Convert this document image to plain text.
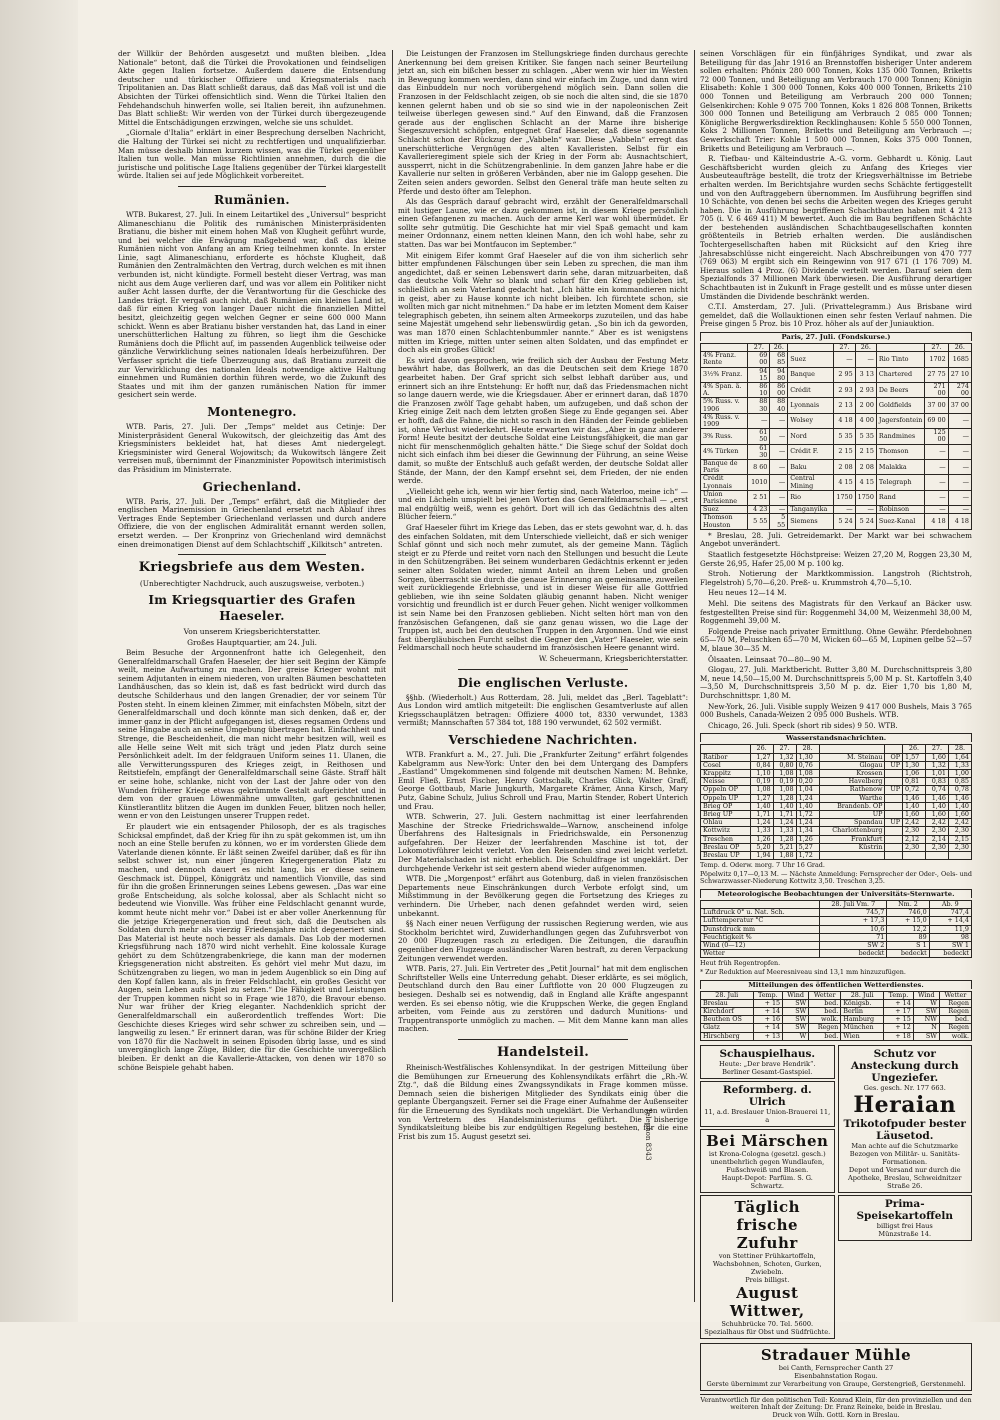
der Willkür der Behörden ausgesetzt und mußten bleiben. „Idea Nationale“ betont, daß die Türkei die Provokationen und feindseligen Akte gegen Italien fortsetze. Außerdem dauere die Entsendung deutscher und türkischer Offiziere und Kriegsmaterials nach Tripolitanien an. Das Blatt schließt daraus, daß das Maß voll ist und die Absichten der Türkei offensichtlich sind. Wenn die Türkei Italien den Fehdehandschuh hinwerfen wolle, sei Italien bereit, ihn aufzunehmen. Das Blatt schließt: Wir werden von der Türkei durch übergezeugende Mittel die Entschädigungen erzwingen, welche sie uns schuldet.

„Giornale d'Italia“ erklärt in einer Besprechung derselben Nachricht, die Haltung der Türkei sei nicht zu rechtfertigen und unqualifizierbar. Man müsse deshalb binnen kurzem wissen, was die Türkei gegenüber Italien tun wolle. Man müsse Richtlinien annehmen, durch die die juristische und politische Lage Italiens gegenüber der Türkei klargestellt würde. Italien sei auf jede Möglichkeit vorbereitet.

Rumänien.

WTB. Bukarest, 27. Juli. In einem Leitartikel des „Universul“ bespricht Alimaneschianu die Politik des rumänischen Ministerpräsidenten Bratianu, die bisher mit einem hohen Maß von Klugheit geführt wurde, und bei welcher die Erwägung maßgebend war, daß das kleine Rumänien nicht von Anfang an am Krieg teilnehmen konnte. In erster Linie, sagt Alimaneschianu, erforderte es höchste Klugheit, daß Rumänien den Zentralmächten den Vertrag, durch welchen es mit ihnen verbunden ist, nicht kündigte. Formell besteht dieser Vertrag, was man nicht aus dem Auge verlieren darf, und was vor allem ein Politiker nicht außer Acht lassen durfte, der die Verantwortung für die Geschicke des Landes trägt. Er vergaß auch nicht, daß Rumänien ein kleines Land ist, daß für einen Krieg von langer Dauer nicht die finanziellen Mittel besitzt, gleichzeitig gegen welchen Gegner er seine 600 000 Mann schickt. Wenn es aber Bratianu bisher verstanden hat, das Land in einer unerschütterlichen Haltung zu führen, so liegt ihm die Geschicke Rumäniens doch die Pflicht auf, im passenden Augenblick teilweise oder gänzliche Verwirklichung seines nationalen Ideals herbeizuführen. Der Verfasser spricht die tiefe Überzeugung aus, daß Bratianu zurzeit die zur Verwirklichung des nationalen Ideals notwendige aktive Haltung einnehmen und Rumänien dorthin führen werde, wo die Zukunft des Staates und mit ihm der ganzen rumänischen Nation für immer gesichert sein werde.

Montenegro.

WTB. Paris, 27. Juli. Der „Temps“ meldet aus Cetinje: Der Ministerpräsident General Wukowitsch, der gleichzeitig das Amt des Kriegsministers bekleidet hat, hat dieses Amt niedergelegt. Kriegsminister wird General Wojowitsch; da Wukowitsch längere Zeit verreisen muß, übernimmt der Finanzminister Popowitsch interimistisch das Präsidium im Ministerrate.

Griechenland.

WTB. Paris, 27. Juli. Der „Temps“ erfährt, daß die Mitglieder der englischen Marinemission in Griechenland ersetzt nach Ablauf ihres Vertrages Ende September Griechenland verlassen und durch andere Offiziere, die von der englischen Admiralität ernannt werden sollen, ersetzt werden. — Der Kronprinz von Griechenland wird demnächst einen dreimonatigen Dienst auf dem Schlachtschiff „Kilkitsch“ antreten.

Kriegsbriefe aus dem Westen.
(Unberechtigter Nachdruck, auch auszugsweise, verboten.)
Im Kriegsquartier des Grafen Haeseler.
Von unserem Kriegsberichterstatter.
Großes Hauptquartier, am 24. Juli.

Beim Besuche der Argonnenfront hatte ich Gelegenheit, den Generalfeldmarschall Grafen Haeseler, der hier seit Beginn der Kämpfe weilt, meine Aufwartung zu machen. Der greise Krieger wohnt mit seinem Adjutanten in einem niederen, von uralten Bäumen beschatteten Landhäuschen, das so klein ist, daß es fast bedrückt wird durch das deutsche Schilderhaus und den langen Grenadier, der vor seinem Tür Posten steht. In einem kleinen Zimmer, mit einfachsten Möbeln, sitzt der Generalfeldmarschall und doch könnte man sich denken, daß er, der immer ganz in der Pflicht aufgegangen ist, dieses regsamen Ordens und seine Hingabe auch an seine Umgebung übertragen hat. Einfachheit und Strenge, die Bescheidenheit, die man nicht mehr besitzen will, weil es alle Helle seine Welt mit sich trägt und jeden Platz durch seine Persönlichkeit adelt. Im der feldgrauen Uniform seines 11. Ulanen, die alle Verwitterungsspuren des Krieges zeigt, in Reithosen und Reitstiefeln, empfängt der Generalfeldmarschall seine Gäste. Straff hält er seine hohe, schlanke, nicht von der Last der Jahre oder von den Wunden früherer Kriege etwas gekrümmte Gestalt aufgerichtet und in dem von der grauen Löwenmähne umwallten, gart geschnittenen Künstlerantlitz blitzen die Augen im dunklen Feuer, blitzen noch heller, wenn er von den Leistungen unserer Truppen redet.

Er plaudert wie ein entsagender Philosoph, der es als tragisches Schicksal empfindet, daß der Krieg für ihn zu spät gekommen ist, um ihn noch an eine Stelle berufen zu können, wo er im vordersten Gliede dem Vaterlande dienen könnte. Er läßt seinen Zweifel darüber, daß es für ihn selbst schwer ist, nun einer jüngeren Kriegergeneration Platz zu machen, und dennoch dauert es nicht lang, bis er diese seinem Geschmack ist. Düppel, Königgrätz und namentlich Vionville, das sind für ihn die großen Erinnerungen seines Lebens gewesen. „Das war eine große Entscheidung, als solche kolossal, aber als Schlacht nicht so bedeutend wie Vionville. Was früher eine Feldschlacht genannt wurde, kommt heute nicht mehr vor.“ Dabei ist er aber voller Anerkennung für die jetzige Kriegergeneration und freut sich, daß die Deutschen als Soldaten durch mehr als vierzig Friedensjahre nicht degeneriert sind. Das Material ist heute noch besser als damals. Das Lob der modernen Kriegsführung nach 1870 wird nicht verhehlt. Eine kolossale Kurage gehört zu dem Schützengrabenkriege, die kann man der modernen Kriegsgeneration nicht abstreiten. Es gehört viel mehr Mut dazu, im Schützengraben zu liegen, wo man in jedem Augenblick so ein Ding auf den Kopf fallen kann, als in freier Feldschlacht, ein großes Gesicht vor Augen, sein Leben aufs Spiel zu setzen.“ Die Fähigkeit und Leistungen der Truppen kommen nicht so in Frage wie 1870, die Bravour ebenso. Nur war früher der Krieg eleganter. Nachdenklich spricht der Generalfeldmarschall ein außerordentlich treffendes Wort: Die Geschichte dieses Krieges wird sehr schwer zu schreiben sein, und — langweilig zu lesen.“ Er erinnert daran, was für schöne Bilder der Krieg von 1870 für die Nachwelt in seinen Episoden übrig lasse, und es sind unvergänglich lange Züge, Bilder, die für die Geschichte unvergeßlich bleiben. Er denkt an die Kavallerie-Attacken, von denen wir 1870 so schöne Beispiele gehabt haben.

Die Leistungen der Franzosen im Stellungskriege finden durchaus gerechte Anerkennung bei dem greisen Kritiker. Sie fangen nach seiner Beurteilung jetzt an, sich ein bißchen besser zu schlagen. „Aber wenn wir hier im Westen in Bewegung kommen werden, dann sind wir einfach im Zuge, und dann wird das Einbuddeln nur noch vorübergehend möglich sein. Dann sollen die Franzosen in der Feldschlacht zeigen, ob sie noch die alten sind, die sie 1870 kennen gelernt haben und ob sie so sind wie in der napoleonischen Zeit teilweise überlegen gewesen sind.“ Auf den Einwand, daß die Franzosen gerade aus der englischen Schlacht an der Marne ihre bisherige Siegeszuversicht schöpfen, entgegnet Graf Haeseler, daß diese sogenannte Schlacht schon der Rückzug der „Vabbeln“ war. Diese „Vabbeln“ erregt das unerschütterliche Vergnügen des alten Kavalleristen. Selbst für ein Kavallerieregiment spiele sich der Krieg in der Form ab: Ausnachtschiert, aussperrt, nicht in die Schützengrabenlinie. In dem ganzen Jahre habe er die Kavallerie nur selten in größeren Verbänden, aber nie im Galopp gesehen. Die Zeiten seien anders geworden. Selbst den General träfe man heute selten zu Pferde und desto öfter am Telephon.

Als das Gespräch darauf gebracht wird, erzählt der Generalfeldmarschall mit lustiger Laune, wie er dazu gekommen ist, in diesem Kriege persönlich einen Gefangenen zu machen. Auch der arme Kerl war wohl übermüdet. Er sollte sehr gutmütig. Die Geschichte hat mir viel Spaß gemacht und kam meiner Ordonnanz, einem netten kleinen Mann, den ich wohl habe, sehr zu statten. Das war bei Montfaucon im September.“

Mit einigem Eifer kommt Graf Haeseler auf die von ihm sicherlich sehr bitter empfundenen Fälschungen über sein Leben zu sprechen, die man ihm angedichtet, daß er seinen Lebenswert darin sehe, daran mitzuarbeiten, daß das deutsche Volk Wehr so blank und scharf für den Krieg geblieben ist, schließlich an sein Vaterland gedacht hat. „Ich hätte ein kommandieren nicht in geist, aber zu Hause konnte ich nicht bleiben. Ich fürchtete schon, sie wollten mich gar nicht mitnehmen.“ Da habe er im letzten Moment dem Kaiser telegraphisch gebeten, ihn seinem alten Armeekorps zuzuteilen, und das habe seine Majestät umgehend sehr liebenswürdig getan. „So bin ich da geworden, was man 1870 einen Schlachtenbummler nannte.“ Aber es ist wenigstens mitten im Kriege, mitten unter seinen alten Soldaten, und das empfindet er doch als ein großes Glück!

Es wird davon gesprochen, wie freilich sich der Ausbau der Festung Metz bewährt habe, das Bollwerk, an das die Deutschen seit dem Kriege 1870 gearbeitet haben. Der Graf spricht sich selbst lebhaft darüber aus, und erinnert sich an ihre Entstehung: Er hofft nur, daß das Friedensmachen nicht so lange dauern werde, wie die Kriegsdauer. Aber er erinnert daran, daß 1870 die Franzosen zwölf Tage gehabt haben, um aufzugeben, und daß schon der Krieg einige Zeit nach dem letzten großen Siege zu Ende gegangen sei. Aber er hofft, daß die Fahne, die nicht so rasch in den Händen der Feinde geblieben ist, ohne Verlust wiederkehrt. Heute erwarten wir das. „Aber in ganz anderer Form! Heute besitzt der deutsche Soldat eine Leistungsfähigkeit, die man gar nicht für menschenmöglich gehalten hätte.“ Die Siege schuf der Soldat doch nicht sich einfach ihm bei dieser die Gewinnung der Führung, an seine Weise damit, so mußte der Entschluß auch gefaßt werden, der deutsche Soldat aller Stände, der Mann, der den Kampf ersehnt sei, dem Frieden, der nie enden werde.

„Vielleicht gehe ich, wenn wir hier fertig sind, nach Waterloo, meine ich“ — und ein Lächeln umspielt bei jenen Worten das Generalfeldmarschall — „erst mal endgültig weiß, wenn es gehört. Dort will ich das Gedächtnis des alten Blücher feiern.“

Graf Haeseler führt im Kriege das Leben, das er stets gewohnt war, d. h. das des einfachen Soldaten, mit dem Unterschiede vielleicht, daß er sich weniger Schlaf gönnt und sich noch mehr zumutet, als der gemeine Mann. Täglich steigt er zu Pferde und reitet vorn nach den Stellungen und besucht die Leute in den Schützengräben. Bei seinem wunderbaren Gedächtnis erkennt er jeden seiner alten Soldaten wieder, nimmt Anteil an ihrem Leben und großen Sorgen, überrascht sie durch die genaue Erinnerung an gemeinsame, zuweilen weit zurückliegende Erlebnisse, und ist in dieser Weise für alle Gottfried geblieben, wie ihn seine Soldaten gläubig genannt haben. Nicht weniger vorsichtig und freundlich ist er durch Feuer gehen. Nicht weniger vollkommen ist sein Name bei den Franzosen geblieben. Nicht selten hört man von den französischen Gefangenen, daß sie ganz genau wissen, wo die Lage der Truppen ist, auch bei den deutschen Truppen in den Argonnen. Und wie einst fast übergläubischen Furcht selbst die Gegner den „Vater“ Haeseler, wie sein Feldmarschall noch heute schaudernd im französischen Heere genannt wird.

W. Scheuermann, Kriegsberichterstatter.

Die englischen Verluste.

§§hb. (Wiederholt.) Aus Rotterdam, 28. Juli, meldet das „Berl. Tageblatt“: Aus London wird amtlich mitgeteilt: Die englischen Gesamtverluste auf allen Kriegsschauplätzen betragen: Offiziere 4000 tot, 8330 verwundet, 1383 vermißt; Mannschaften 57 384 tot, 188 190 verwundet, 62 502 vermißt.

Verschiedene Nachrichten.

WTB. Frankfurt a. M., 27. Juli. Die „Frankfurter Zeitung“ erfährt folgendes Kabelgramm aus New-York: Unter den bei dem Untergang des Dampfers „Eastland“ Umgekommenen sind folgende mit deutschen Namen: M. Behnke, Emil Fließ, Ernst Fischer, Henry Gottschalk, Charles Glick, Walter Graff, George Gottbaub, Marie Jungkurth, Margarete Krämer, Anna Kirsch, Mary Putz, Gabine Schulz, Julius Schroll und Frau, Martin Stender, Robert Unterich und Frau.

WTB. Schwerin, 27. Juli. Gestern nachmittag ist einer leerfahrenden Maschine der Strecke Friedrichswalde—Warnow, anscheinend infolge Überfahrens des Haltesignals in Friedrichswalde, ein Personenzug aufgefahren. Der Heizer der leerfahrenden Maschine ist tot, der Lokomotivführer leicht verletzt. Von den Reisenden sind zwei leicht verletzt. Der Materialschaden ist nicht erheblich. Die Schuldfrage ist ungeklärt. Der durchgehende Verkehr ist seit gestern abend wieder aufgenommen.

WTB. Die „Morgenpost“ erfährt aus Gotenburg, daß in vielen französischen Departements neue Einschränkungen durch Verbote erfolgt sind, um Mißstimmung in der Bevölkerung gegen die Fortsetzung des Krieges zu verhindern. Die Urheber, nach denen gefahndet werden wird, seien unbekannt.

§§ Nach einer neuen Verfügung der russischen Regierung werden, wie aus Stockholm berichtet wird, Zuwiderhandlungen gegen das Zufuhrsverbot von 20 000 Flugzeugen rasch zu erledigen. Die Zeitungen, die daraufhin gegenüber den Flugzeuge ausländischer Waren bestraft, zu deren Verpackung Zeitungen verwendet werden.

WTB. Paris, 27. Juli. Ein Vertreter des „Petit Journal“ hat mit dem englischen Schriftsteller Wells eine Unterredung gehabt. Dieser erklärte, es sei möglich, Deutschland durch den Bau einer Luftflotte von 20 000 Flugzeugen zu besiegen. Deshalb sei es notwendig, daß in England alle Kräfte angespannt werden. Es sei ebenso nötig, wie die Kruppschen Werke, die gegen England arbeiten, vom Feinde aus zu zerstören und dadurch Munitions- und Truppentransporte unmöglich zu machen. — Mit dem Manne kann man alles machen.

Handelsteil.

Rheinisch-Westfälisches Kohlensyndikat. In der gestrigen Mitteilung über die Bemühungen zur Erneuerung des Kohlensyndikats erfährt die „Rh.-W. Ztg.“, daß die Bildung eines Zwangssyndikats in Frage kommen müsse. Demnach seien die bisherigen Mitglieder des Syndikats einig über die geplante Übergangszeit. Ferner sei die Frage einer Aufnahme der Außenseiter für die Erneuerung des Syndikats noch ungeklärt. Die Verhandlungen würden von Vertretern des Handelsministeriums geführt. Die bisherige Syndikatsleitung bleibe bis zur endgültigen Regelung bestehen, für die eine Frist bis zum 15. August gesetzt sei.

seinen Vorschlägen für ein fünfjähriges Syndikat, und zwar als Beteiligung für das Jahr 1916 an Brennstoffen bisheriger Unter anderem sollen erhalten: Phönix 280 000 Tonnen, Koks 135 000 Tonnen, Briketts 72 000 Tonnen, und Beteiligung am Verbrauch 170 000 Tonnen; Königin Elisabeth: Kohle 1 300 000 Tonnen, Koks 400 000 Tonnen, Briketts 210 000 Tonnen und Beteiligung am Verbrauch 200 000 Tonnen; Gelsenkirchen: Kohle 9 075 700 Tonnen, Koks 1 826 808 Tonnen, Briketts 300 000 Tonnen und Beteiligung am Verbrauch 2 085 000 Tonnen; Königliche Bergwerksdirektion Recklinghausen: Kohle 5 550 000 Tonnen, Koks 2 Millionen Tonnen, Briketts und Beteiligung am Verbrauch —; Gewerkschaft Trier: Kohle 1 500 000 Tonnen, Koks 375 000 Tonnen, Briketts und Beteiligung am Verbrauch —.

R. Tiefbau- und Kälteindustrie A.-G. vorm. Gebhardt u. König. Laut Geschäftsbericht wurden gleich zu Anfang des Krieges vier Ausbeuteaufträge bestellt, die trotz der Kriegsverhältnisse im Betriebe erhalten werden. Im Berichtsjahre wurden sechs Schächte fertiggestellt und von den Auftraggebern übernommen. Im Ausführung begriffen sind 10 Schächte, von denen bei sechs die Arbeiten wegen des Krieges geruht haben. Die in Ausführung begriffenen Schachtbauten haben mit 4 213 705 (i. V. 6 469 411) M bewertet. Auch die im Bau begriffenen Schächte der bestehenden ausländischen Schachtbaugesellschaften konnten größtenteils in Betrieb erhalten werden. Die ausländischen Tochtergesellschaften haben mit Rücksicht auf den Krieg ihre Jahresabschlüsse nicht eingereicht. Nach Abschreibungen von 470 777 (769 063) M ergibt sich ein Reingewinn von 917 671 (1 176 709) M. Hieraus sollen 4 Proz. (6) Dividende verteilt werden. Darauf seien dem Spezialfonds 37 Millionen Mark überwiesen. Die Ausführung derartiger Schachtbauten ist in Zukunft in Frage gestellt und es müsse unter diesen Umständen die Dividende beschränkt werden.

C.T.I. Amsterdam, 27. Juli. (Privattelegramm.) Aus Brisbane wird gemeldet, daß die Wollauktionen einen sehr festen Verlauf nahmen. Die Preise gingen 5 Proz. bis 10 Proz. höher als auf der Juniauktion.

Paris, 27. Juli. (Fondskurse.)
	27.	26.		27.	26.		27.	26.
4% Franz. Rente	69 00	68 85	Suez	—	—	Rio Tinto	1702	1685
3½% Franz.	94 15	94 80	Banque	2 95	3 13	Chartered	27 75	27 10
4% Span. ä. A.	86 10	86 00	Crédit	2 93	2 93	De Beers	271 00	274 00
5% Russ. v. 1906	88 30	88 40	Lyonnais	2 13	2 00	Goldfields	37 00	37 00
4% Russ. v. 1909	—	—	Wolsey	4 18	4 00	Jagersfontein	69 00	—
3% Russ.	61 50	—	Nord	5 35	5 35	Randmines	125 00	—
4% Türken	61 30	—	Crédit F.	2 15	2 15	Thomson	—	—
Banque de Paris	8 60	—	Baku	2 08	2 08	Malakka	—	—
Crédit Lyonnais	1010	—	Central Mining	4 15	4 15	Telegraph	—	—
Union Parisienne	2 51	—	Rio	1750	1750	Rand	—	—
Suez	4 23	—	Tanganyika	—	—	Robinson	—	—
Thomson Houston	5 55	5 55	Siemens	5 24	5 24	Suez-Kanal	4 18	4 18

* Breslau, 28. Juli. Getreidemarkt. Der Markt war bei schwachem Angebot unverändert.

Staatlich festgesetzte Höchstpreise: Weizen 27,20 M, Roggen 23,30 M, Gerste 26,95, Hafer 25,00 M p. 100 kg.

Stroh. Notierung der Marktkommission. Langstroh (Richtstroh, Flegelstroh) 5,70—6,20. Preß- u. Krummstroh 4,70—5,10.

Heu neues 12—14 M.

Mehl. Die seitens des Magistrats für den Verkauf an Bäcker usw. festgestellten Preise sind für: Roggenmehl 34,00 M, Weizenmehl 38,00 M, Roggenmehl 39,00 M.

Folgende Preise nach privater Ermittlung. Ohne Gewähr. Pferdebohnen 65—70 M, Peluschken 65—70 M, Wicken 60—65 M, Lupinen gelbe 52—57 M, blaue 30—35 M.

Ölsaaten. Leinsaat 70—80—90 M.

Glogau, 27. Juli. Marktbericht. Butter 3,80 M. Durchschnittspreis 3,80 M, neue 14,50—15,00 M. Durchschnittspreis 5,00 M p. St. Kartoffeln 3,40—3,50 M, Durchschnittspreis 3,50 M p. dz. Eier 1,70 bis 1,80 M, Durchschnittspr. 1,80 M.

New-York, 26. Juli. Visible supply Weizen 9 417 000 Bushels, Mais 3 765 000 Bushels, Canada-Weizen 2 095 000 Bushels. WTB.

Chicago, 26. Juli. Speck (short rib sides) 9 50. WTB.

Wasserstandsnachrichten.
	26.	27.	28.			26.	27.	28.
Ratibor	1,27	1,32	1,30	M. Steinau	OP	1,57	1,60	1,64
Cosel	0,84	0,80	0,76	Glogau	UP	1,30	1,32	1,33
Krappitz	1,10	1,08	1,08	Krossen		1,06	1,01	1,00
Neisse	0,19	0,19	0,20	Havelberg		0,81	0,83	0,85
Oppeln OP	1,08	1,08	1,04	Rathenow	UP	0,72	0,74	0,78
Oppeln UP	1,27	1,28	1,24	Warthe		1,46	1,46	1,46
Brieg OP	1,40	1,40	1,40	Brandenb. OP		1,40	1,40	1,40
Brieg UP	1,71	1,71	1,72	UP		1,60	1,60	1,60
Ohlau	1,24	1,24	1,24	Spandau	UP	2,42	2,42	2,42
Kottwitz	1,33	1,33	1,34	Charlottenburg		2,30	2,30	2,30
Treschen	1,26	1,28	1,26	Frankfurt		2,12	2,14	2,15
Breslau OP	5,20	5,21	5,27	Küstrin		2,30	2,30	2,30
Breslau UP	1,94	1,88	1,72					
Temp. d. Oderw. morg. 7 Uhr 16 Grad.
Pöpelwitz 0,17—0,13 M. — Nächste Anmeldung: Fernsprecher der Oder-, Oels- und Schwarzwasser-Niederung Kottwitz 3,50. Treschen 3,25.
Meteorologische Beobachtungen der Universitäts-Sternwarte.
	28. Juli Vm. 7	Nm. 2	Ab. 9
Luftdruck 0° u. Nat. Sch.	745,7	746,0	747,4
Lufttemperatur °C	+ 17,3	+ 15,0	+ 14,4
Dunstdruck mm	10,6	12,2	11,9
Feuchtigkeit %	71	89	98
Wind (0—12)	SW 2	S 1	SW 1
Wetter	bedeckt	bedeckt	bedeckt
Heut früh Regentropfen.
* Zur Reduktion auf Meeresniveau sind 13,1 mm hinzuzufügen.
Mitteilungen des öffentlichen Wetterdienstes.
28. Juli	Temp.	Wind	Wetter	28. Juli	Temp.	Wind	Wetter
Breslau	+ 15	SW	bed.	Königsb.	+ 14	W	Regen
Kirchdorf	+ 14	SW	bed.	Berlin	+ 17	SW	Regen
Beuthen OS	+ 16	SW	wolk.	Hamburg	+ 15	NW	bed.
Glatz	+ 14	SW	Regen	München	+ 12	N	Regen
Hirschberg	+ 13	W	bed.	Wien	+ 18	SW	wolk.
Schauspielhaus.
Heute: „Der brave Hendrik“.
Berliner Gesamt-Gastspiel.
Reformberg. d. Ulrich
11, a.d. Breslauer Union-Brauerei 11, a
Bei Märschen
ist Krona-Cologna (gesetzl. gesch.) unentbehrlich gegen Wundlaufen, Fußschweiß und Blasen.
Haupt-Depot: Parfüm. S. G. Schwartz.
Täglich frische Zufuhr
von Stettiner Frühkartoffeln, Wachsbohnen, Schoten, Gurken, Zwiebeln.
Preis billigst.
August Wittwer,
Schuhbrücke 70. Tel. 5600.
Spezialhaus für Obst und Südfrüchte.
Schutz vor Ansteckung durch Ungeziefer.
Ges. gesch. Nr. 177 663.
Heraian
Trikotofpuder bester Läusetod.
Man achte auf die Schutzmarke
Bezogen von Militär- u. Sanitäts-Formationen.
Depot und Versand nur durch die Apotheke, Breslau, Schweidnitzer Straße 26.
Prima-Speisekartoffeln
billigst frei Haus
Münzstraße 14.
Stradauer Mühle
bei Canth, Fernsprecher Canth 27
Eisenbahnstation Rogau.
Gerste übernimmt zur Verarbeitung von Graupe, Gerstengrieß, Gerstenmehl.
Verantwortlich für den politischen Teil: Konrad Klein, für den provinziellen und den weiteren Inhalt der Zeitung: Dr. Franz Reineke, beide in Breslau.
Druck von Wilh. Gottl. Korn in Breslau.
Telephon 8343
